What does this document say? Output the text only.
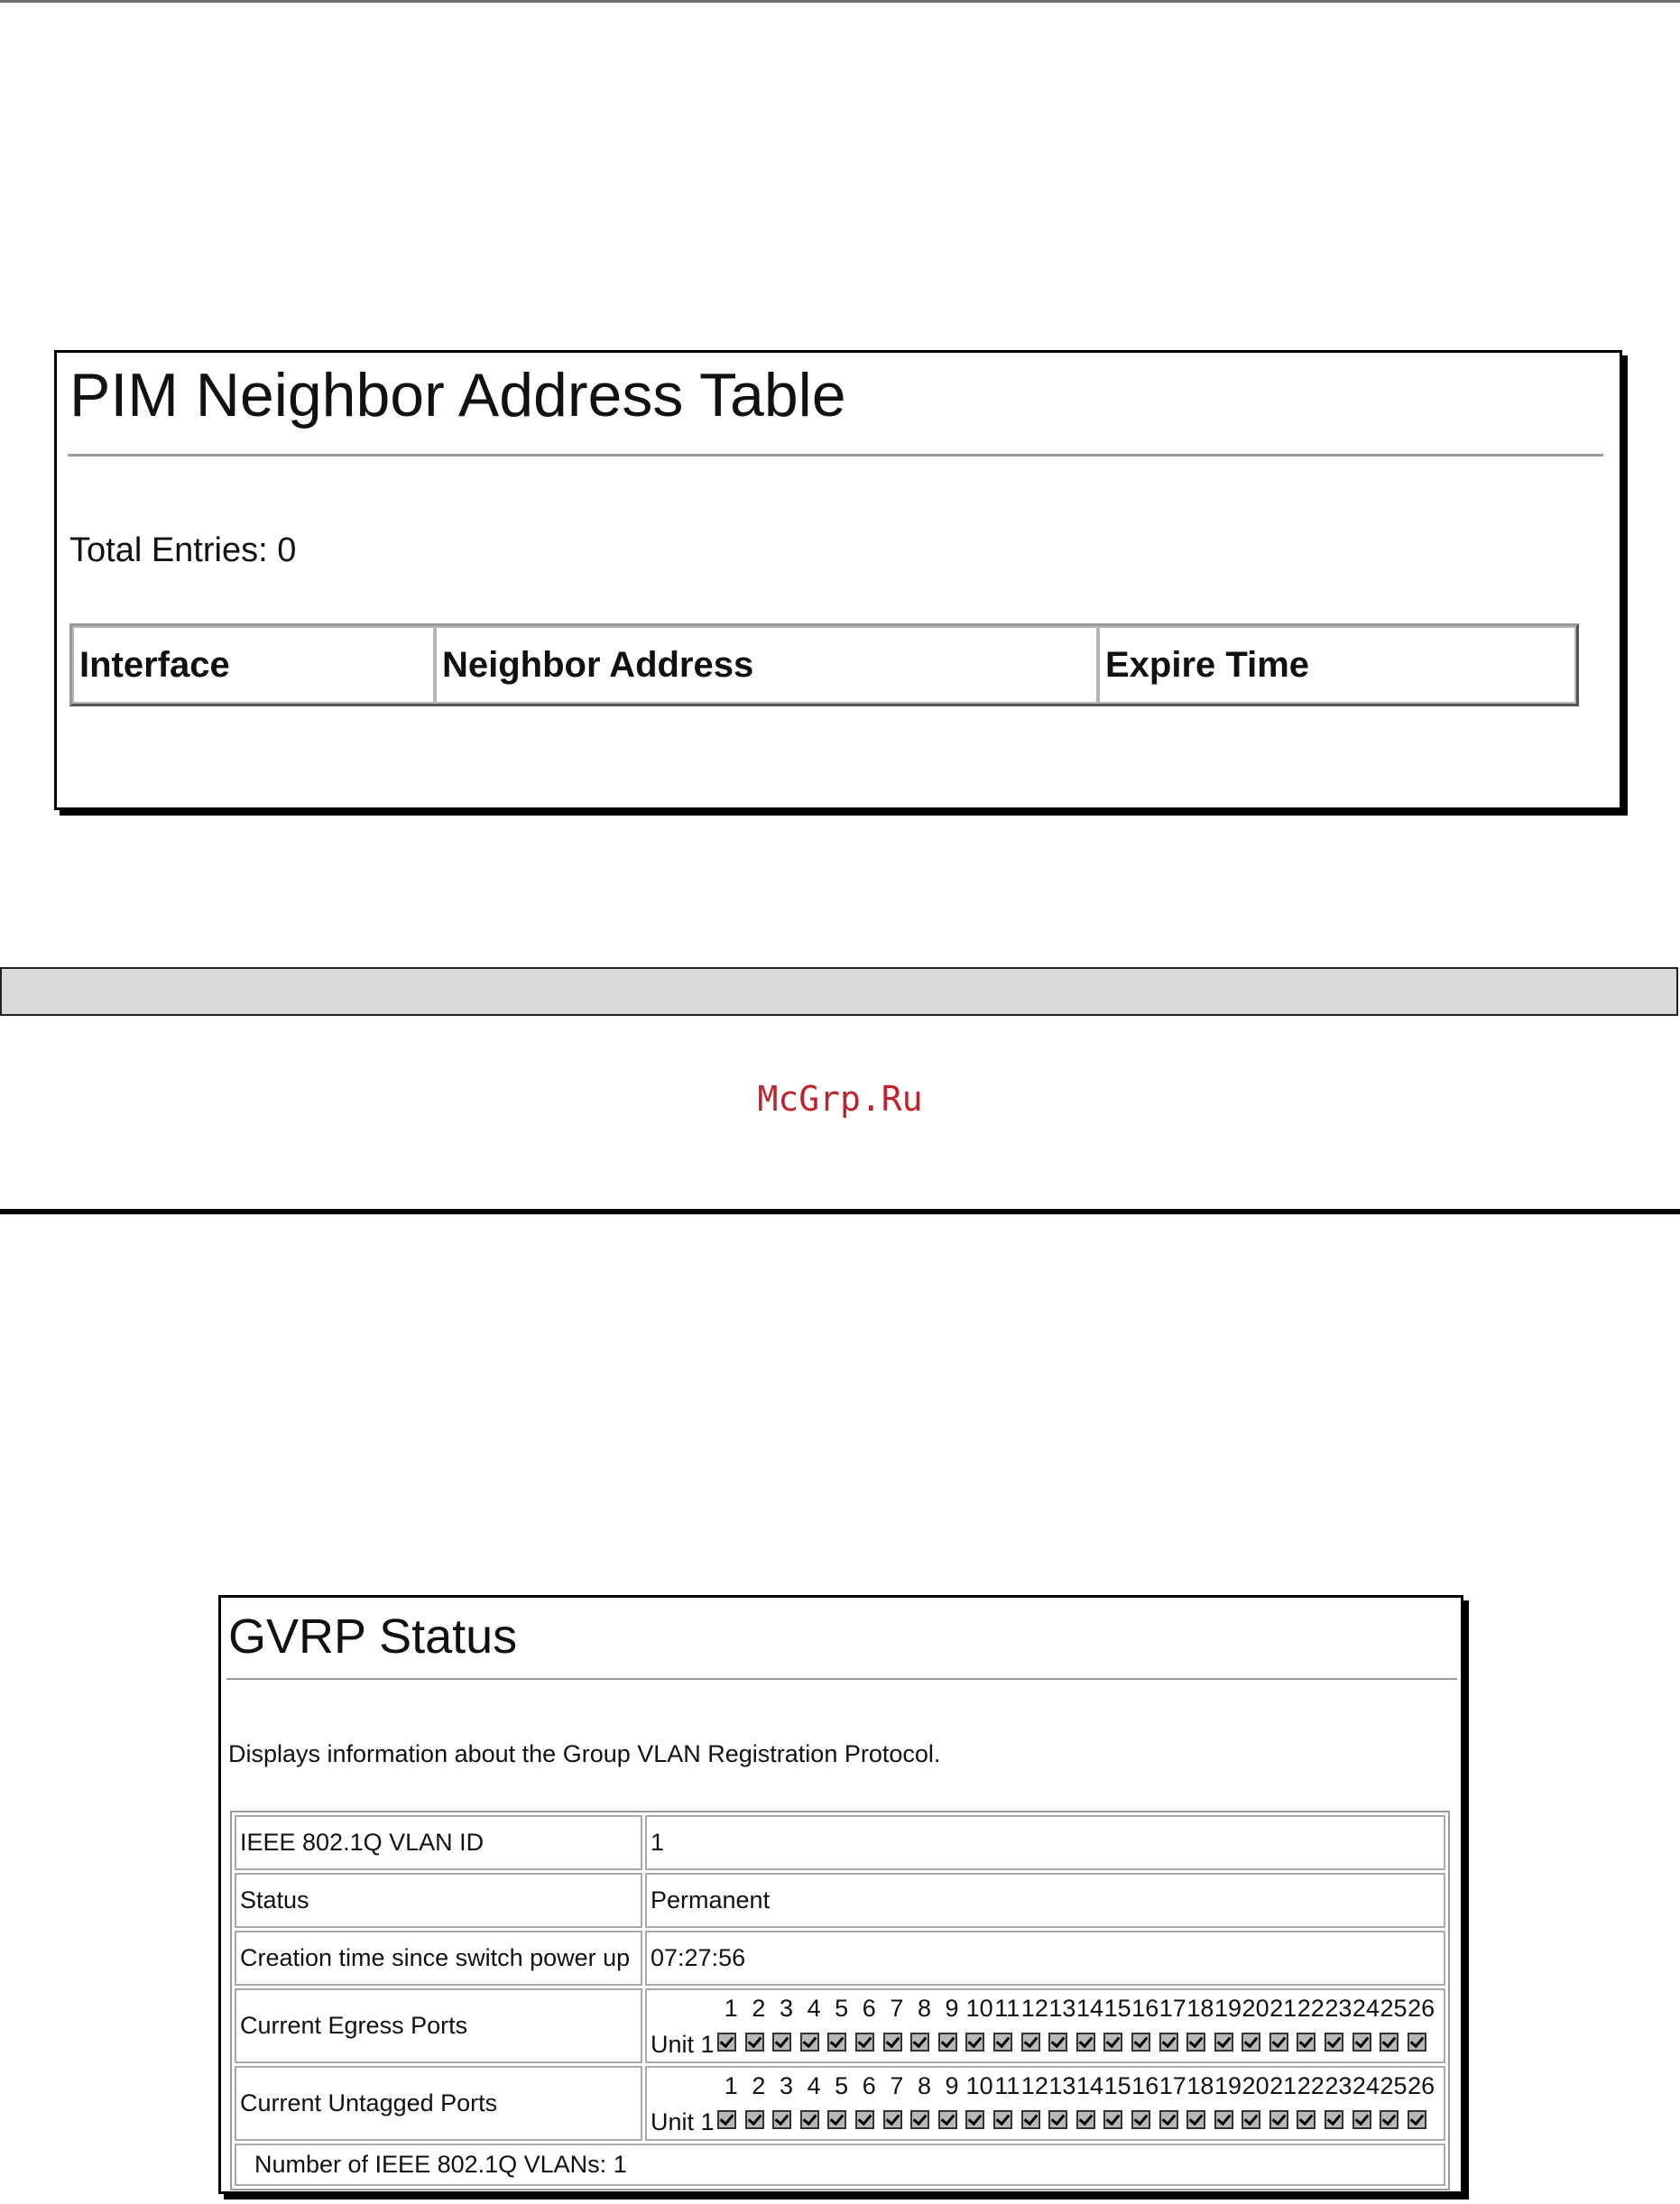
PIM Neighbor Address Table
Total Entries: 0
Interface	Neighbor Address	Expire Time
McGrp.Ru
GVRP Status
Displays information about the Group VLAN Registration Protocol.
IEEE 802.1Q VLAN ID	1
Status	Permanent
Creation time since switch power up	07:27:56
Current Egress Ports	1 2 3 4 5 6 7 8 9 1011121314151617181920212223242526
Unit 1

Current Untagged Ports	1 2 3 4 5 6 7 8 9 1011121314151617181920212223242526
Unit 1

Number of IEEE 802.1Q VLANs: 1	
